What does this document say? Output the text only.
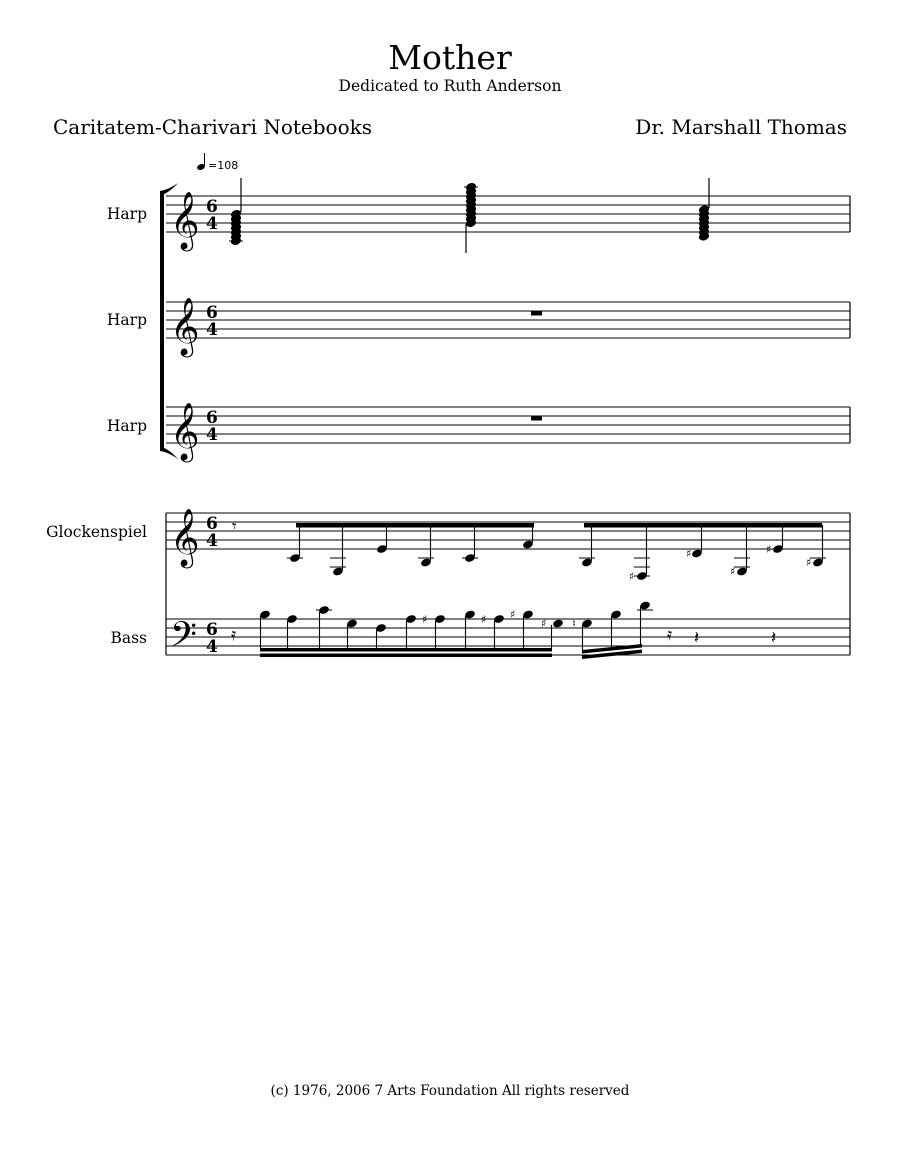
Mother
Dedicated to Ruth Anderson
Caritatem-Charivari Notebooks	Dr. Marshall Thomas
Harp
Harp
Harp
Glockenspiel
Bass
=108
𝄞
𝄞
𝄞
𝄞
𝄢
6
4
6
4
6
4
6
4
6
4
𝄾
♯
♯
♯
♯
♯
𝄿
♯	♯ ♯
♯ ♮
𝄿 𝄽	𝄽
(c) 1976, 2006 7 Arts Foundation All rights reserved
